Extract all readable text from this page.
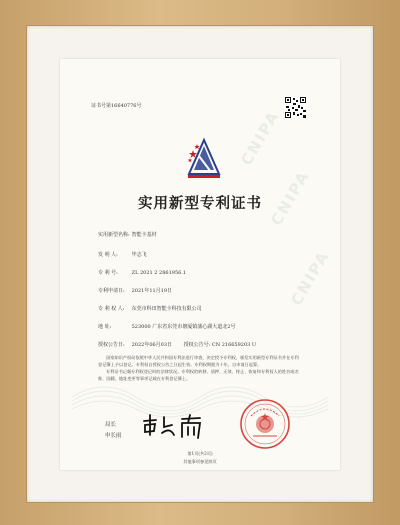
CNIPA
CNIPA
CNIPA
证书号第16640776号
实用新型专利证书
实用新型名称: 智能卡基材
发 明 人:	毕志飞
专 利 号:	ZL 2021 2 2861956.1
专利申请日: 2021年11月19日
专 利 权 人: 东莞市科田智能卡科技有限公司
地 址:	523000 广东省东莞市塘厦镇蒲心湖大道北2号
授权公告日: 2022年06月03日 授权公告号: CN 216659203 U

国家知识产权局依照中华人民共和国专利法进行审查，决定授予专利权，颁发实用新型专利证书并在专利登记簿上予以登记。专利权自授权公告之日起生效。专利权期限为十年，自申请日起算。

专利证书记载专利权登记时的法律状况。专利权的转移、质押、无效、终止、恢复和专利权人的姓名或名称、国籍、地址变更等事项记载在专利登记簿上。

局长
申长雨
第1页(共2页)
其他事项参见续页
